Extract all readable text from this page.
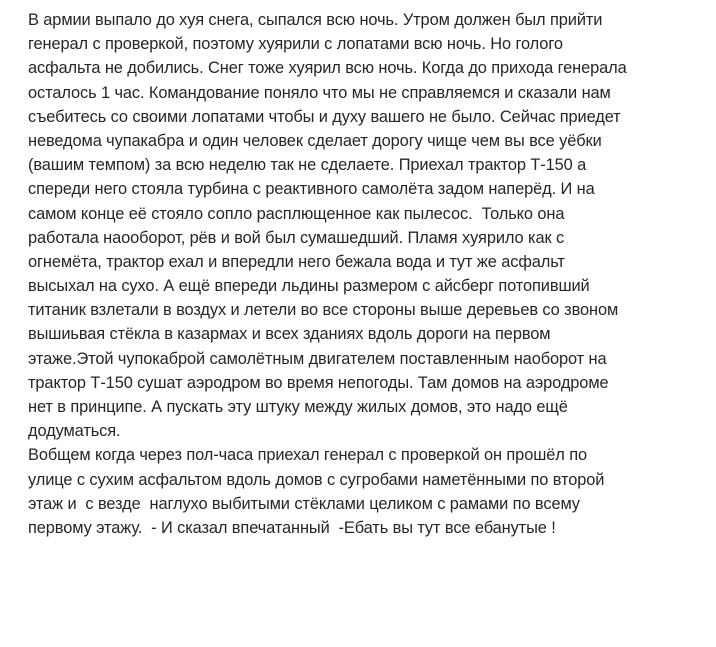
В армии выпало до хуя снега, сыпался всю ночь. Утром должен был прийти
генерал с проверкой, поэтому хуярили с лопатами всю ночь. Но голого
асфальта не добились. Снег тоже хуярил всю ночь. Когда до прихода генерала
осталось 1 час. Командование поняло что мы не справляемся и сказали нам
съебитесь со своими лопатами чтобы и духу вашего не было. Сейчас приедет
неведома чупакабра и один человек сделает дорогу чище чем вы все уёбки
(вашим темпом) за всю неделю так не сделаете. Приехал трактор Т-150 а
спереди него стояла турбина с реактивного самолёта задом наперёд. И на
самом конце её стояло сопло расплющенное как пылесос.  Только она
работала наооборот, рёв и вой был сумашедший. Пламя хуярило как с
огнемёта, трактор ехал и впередли него бежала вода и тут же асфальт
высыхал на сухо. А ещё впереди льдины размером с айсберг потопивший
титаник взлетали в воздух и летели во все стороны выше деревьев со звоном
вышиьвая стёкла в казармах и всех зданиях вдоль дороги на первом
этаже.Этой чупокаброй самолётным двигателем поставленным наоборот на
трактор Т-150 сушат аэродром во время непогоды. Там домов на аэродроме
нет в принципе. А пускать эту штуку между жилых домов, это надо ещё
додуматься.
Вобщем когда через пол-часа приехал генерал с проверкой он прошёл по
улице с сухим асфальтом вдоль домов с сугробами наметёнными по второй
этаж и  с везде  наглухо выбитыми стёклами целиком с рамами по всему
первому этажу.  - И сказал впечатанный  -Ебать вы тут все ебанутые !
